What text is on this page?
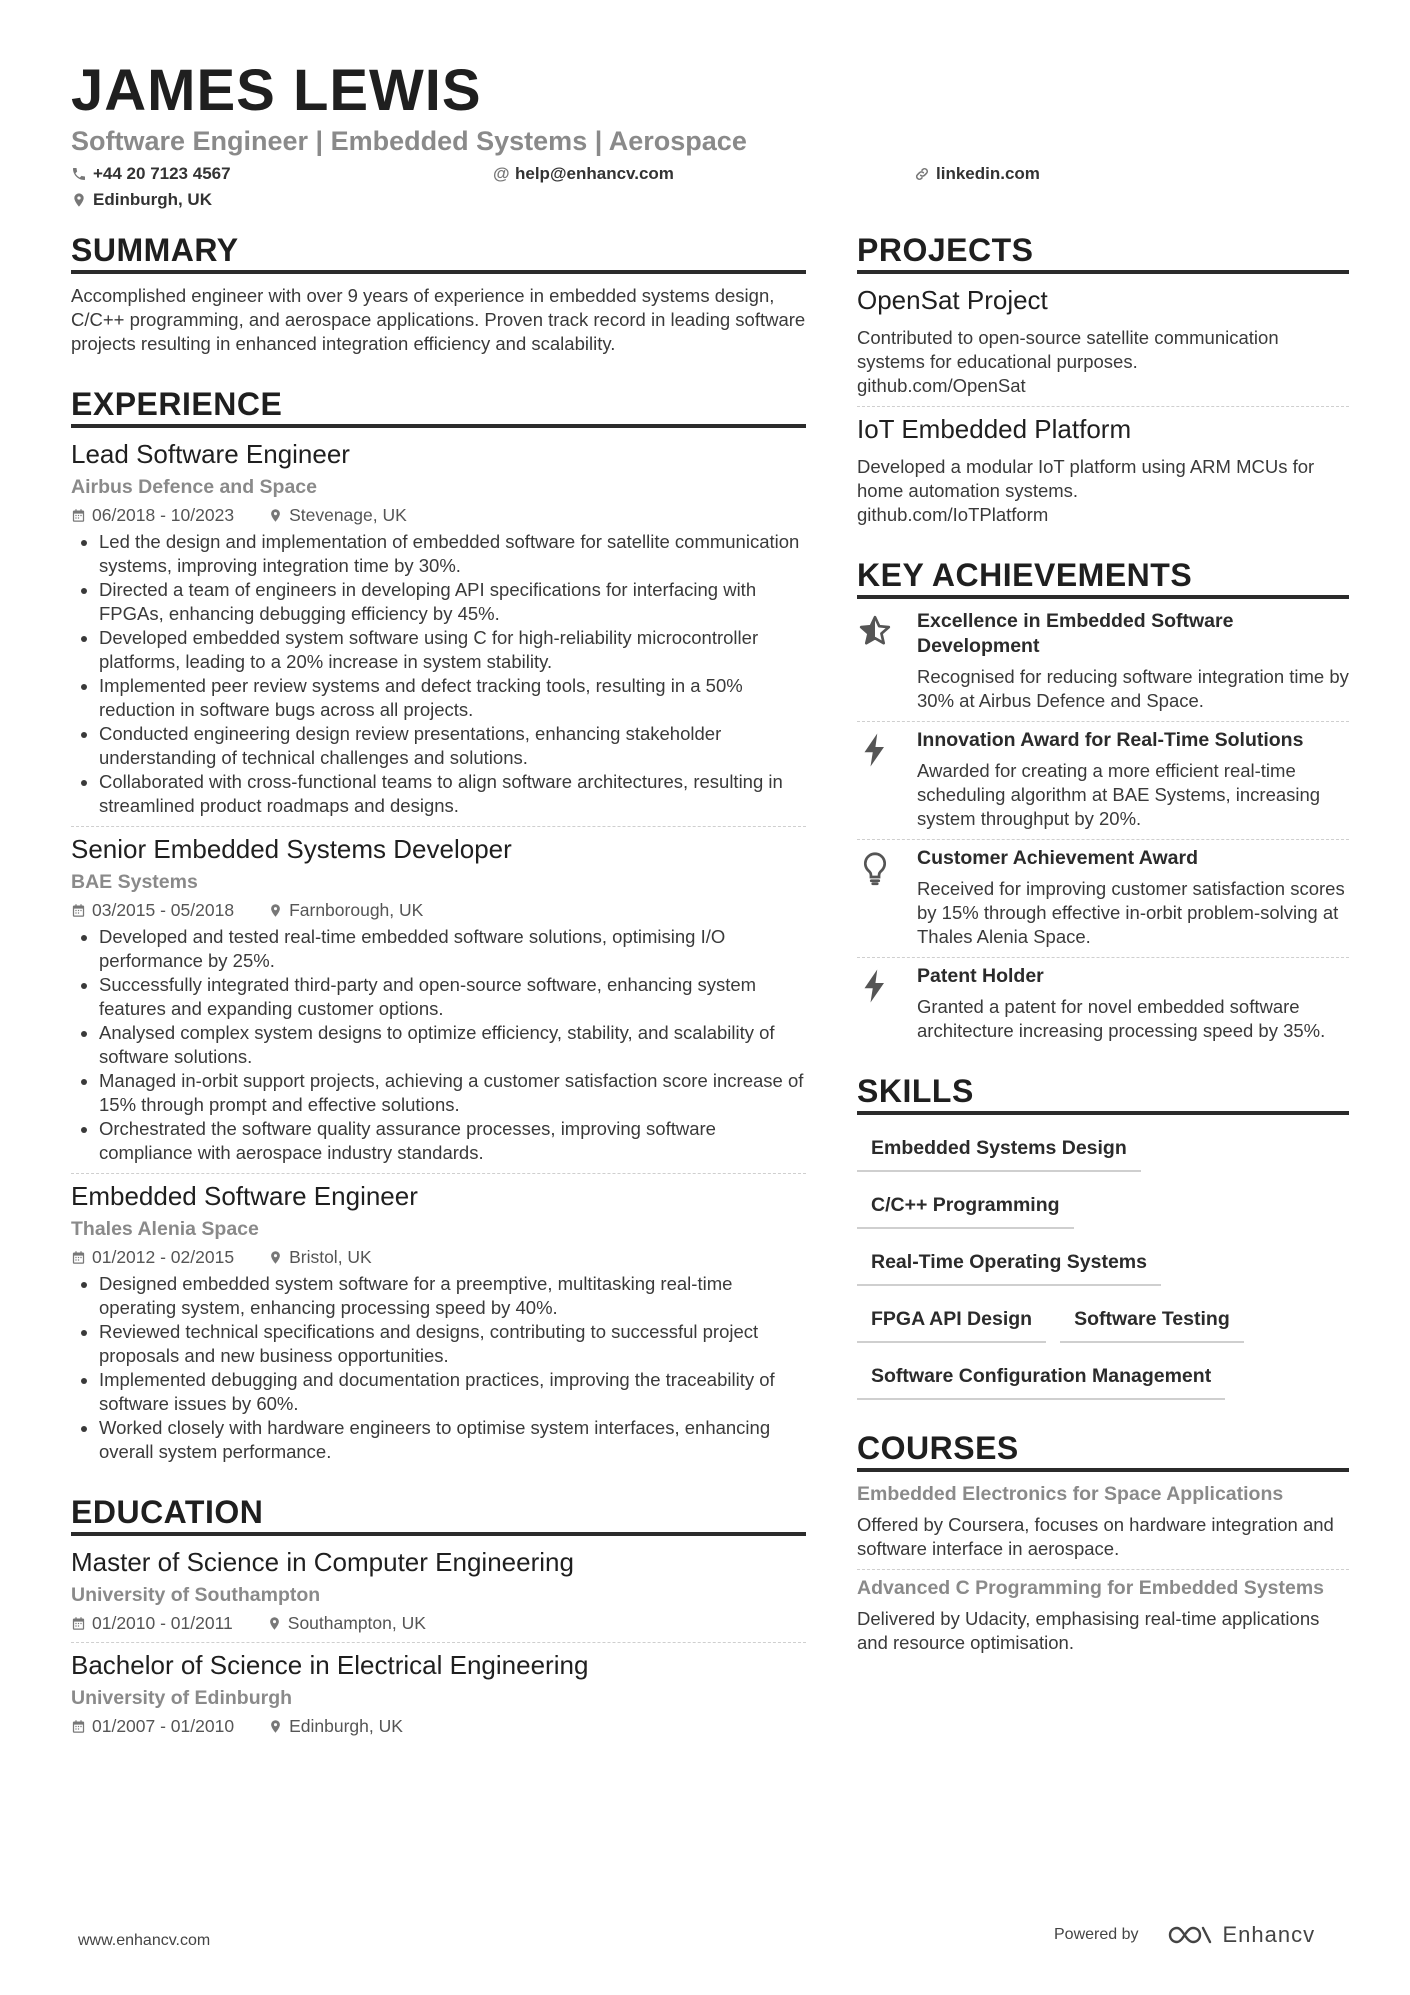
JAMES LEWIS
Software Engineer | Embedded Systems | Aerospace
+44 20 7123 4567	@ help@enhancv.com	linkedin.com
Edinburgh, UK
SUMMARY
Accomplished engineer with over 9 years of experience in embedded systems design, C/C++ programming, and aerospace applications. Proven track record in leading software projects resulting in enhanced integration efficiency and scalability.
EXPERIENCE
Lead Software Engineer
Airbus Defence and Space
06/2018 - 10/2023	Stevenage, UK
Led the design and implementation of embedded software for satellite communication systems, improving integration time by 30%.
Directed a team of engineers in developing API specifications for interfacing with FPGAs, enhancing debugging efficiency by 45%.
Developed embedded system software using C for high-reliability microcontroller platforms, leading to a 20% increase in system stability.
Implemented peer review systems and defect tracking tools, resulting in a 50% reduction in software bugs across all projects.
Conducted engineering design review presentations, enhancing stakeholder understanding of technical challenges and solutions.
Collaborated with cross-functional teams to align software architectures, resulting in streamlined product roadmaps and designs.
Senior Embedded Systems Developer
BAE Systems
03/2015 - 05/2018	Farnborough, UK
Developed and tested real-time embedded software solutions, optimising I/O performance by 25%.
Successfully integrated third-party and open-source software, enhancing system features and expanding customer options.
Analysed complex system designs to optimize efficiency, stability, and scalability of software solutions.
Managed in-orbit support projects, achieving a customer satisfaction score increase of 15% through prompt and effective solutions.
Orchestrated the software quality assurance processes, improving software compliance with aerospace industry standards.
Embedded Software Engineer
Thales Alenia Space
01/2012 - 02/2015	Bristol, UK
Designed embedded system software for a preemptive, multitasking real-time operating system, enhancing processing speed by 40%.
Reviewed technical specifications and designs, contributing to successful project proposals and new business opportunities.
Implemented debugging and documentation practices, improving the traceability of software issues by 60%.
Worked closely with hardware engineers to optimise system interfaces, enhancing overall system performance.
EDUCATION
Master of Science in Computer Engineering
University of Southampton
01/2010 - 01/2011	Southampton, UK
Bachelor of Science in Electrical Engineering
University of Edinburgh
01/2007 - 01/2010	Edinburgh, UK
PROJECTS
OpenSat Project
Contributed to open-source satellite communication systems for educational purposes.
github.com/OpenSat
IoT Embedded Platform
Developed a modular IoT platform using ARM MCUs for home automation systems.
github.com/IoTPlatform
KEY ACHIEVEMENTS
Excellence in Embedded Software Development
Recognised for reducing software integration time by 30% at Airbus Defence and Space.
Innovation Award for Real-Time Solutions
Awarded for creating a more efficient real-time scheduling algorithm at BAE Systems, increasing system throughput by 20%.
Customer Achievement Award
Received for improving customer satisfaction scores by 15% through effective in-orbit problem-solving at Thales Alenia Space.
Patent Holder
Granted a patent for novel embedded software architecture increasing processing speed by 35%.
SKILLS
Embedded Systems Design
C/C++ Programming
Real-Time Operating Systems
FPGA API Design	Software Testing
Software Configuration Management
COURSES
Embedded Electronics for Space Applications
Offered by Coursera, focuses on hardware integration and software interface in aerospace.
Advanced C Programming for Embedded Systems
Delivered by Udacity, emphasising real-time applications and resource optimisation.
www.enhancv.com	Powered by	Enhancv
